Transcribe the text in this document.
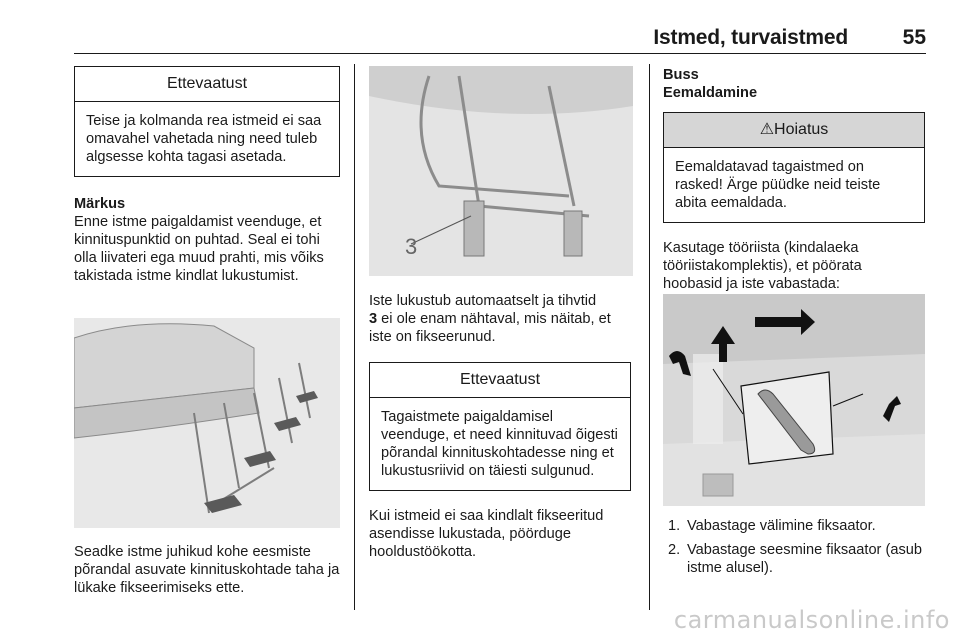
Istmed, turvaistmed	55
Ettevaatust
Teise ja kolmanda rea istmeid ei saa omavahel vahetada ning need tuleb algsesse kohta tagasi asetada.
Märkus
Enne istme paigaldamist veenduge, et kinnituspunktid on puhtad. Seal ei tohi olla liivateri ega muud prahti, mis võiks takistada istme kindlat lukustumist.
Seadke istme juhikud kohe eesmiste põrandal asuvate kinnituskohtade taha ja lükake fikseerimiseks ette.
3
Iste lukustub automaatselt ja tihvtid
3 ei ole enam nähtaval, mis näitab, et iste on fikseerunud.
Ettevaatust
Tagaistmete paigaldamisel veenduge, et need kinnituvad õigesti põrandal kinnituskohtadesse ning et lukustusriivid on täiesti sulgunud.
Kui istmeid ei saa kindlalt fikseeritud asendisse lukustada, pöörduge hooldustöökotta.
Buss
Eemaldamine
⚠Hoiatus
Eemaldatavad tagaistmed on rasked! Ärge püüdke neid teiste abita eemaldada.
Kasutage tööriista (kindalaeka tööriistakomplektis), et pöörata hoobasid ja iste vabastada:
1. Vabastage välimine fiksaator.
2. Vabastage seesmine fiksaator (asub istme alusel).
carmanualsonline.info
